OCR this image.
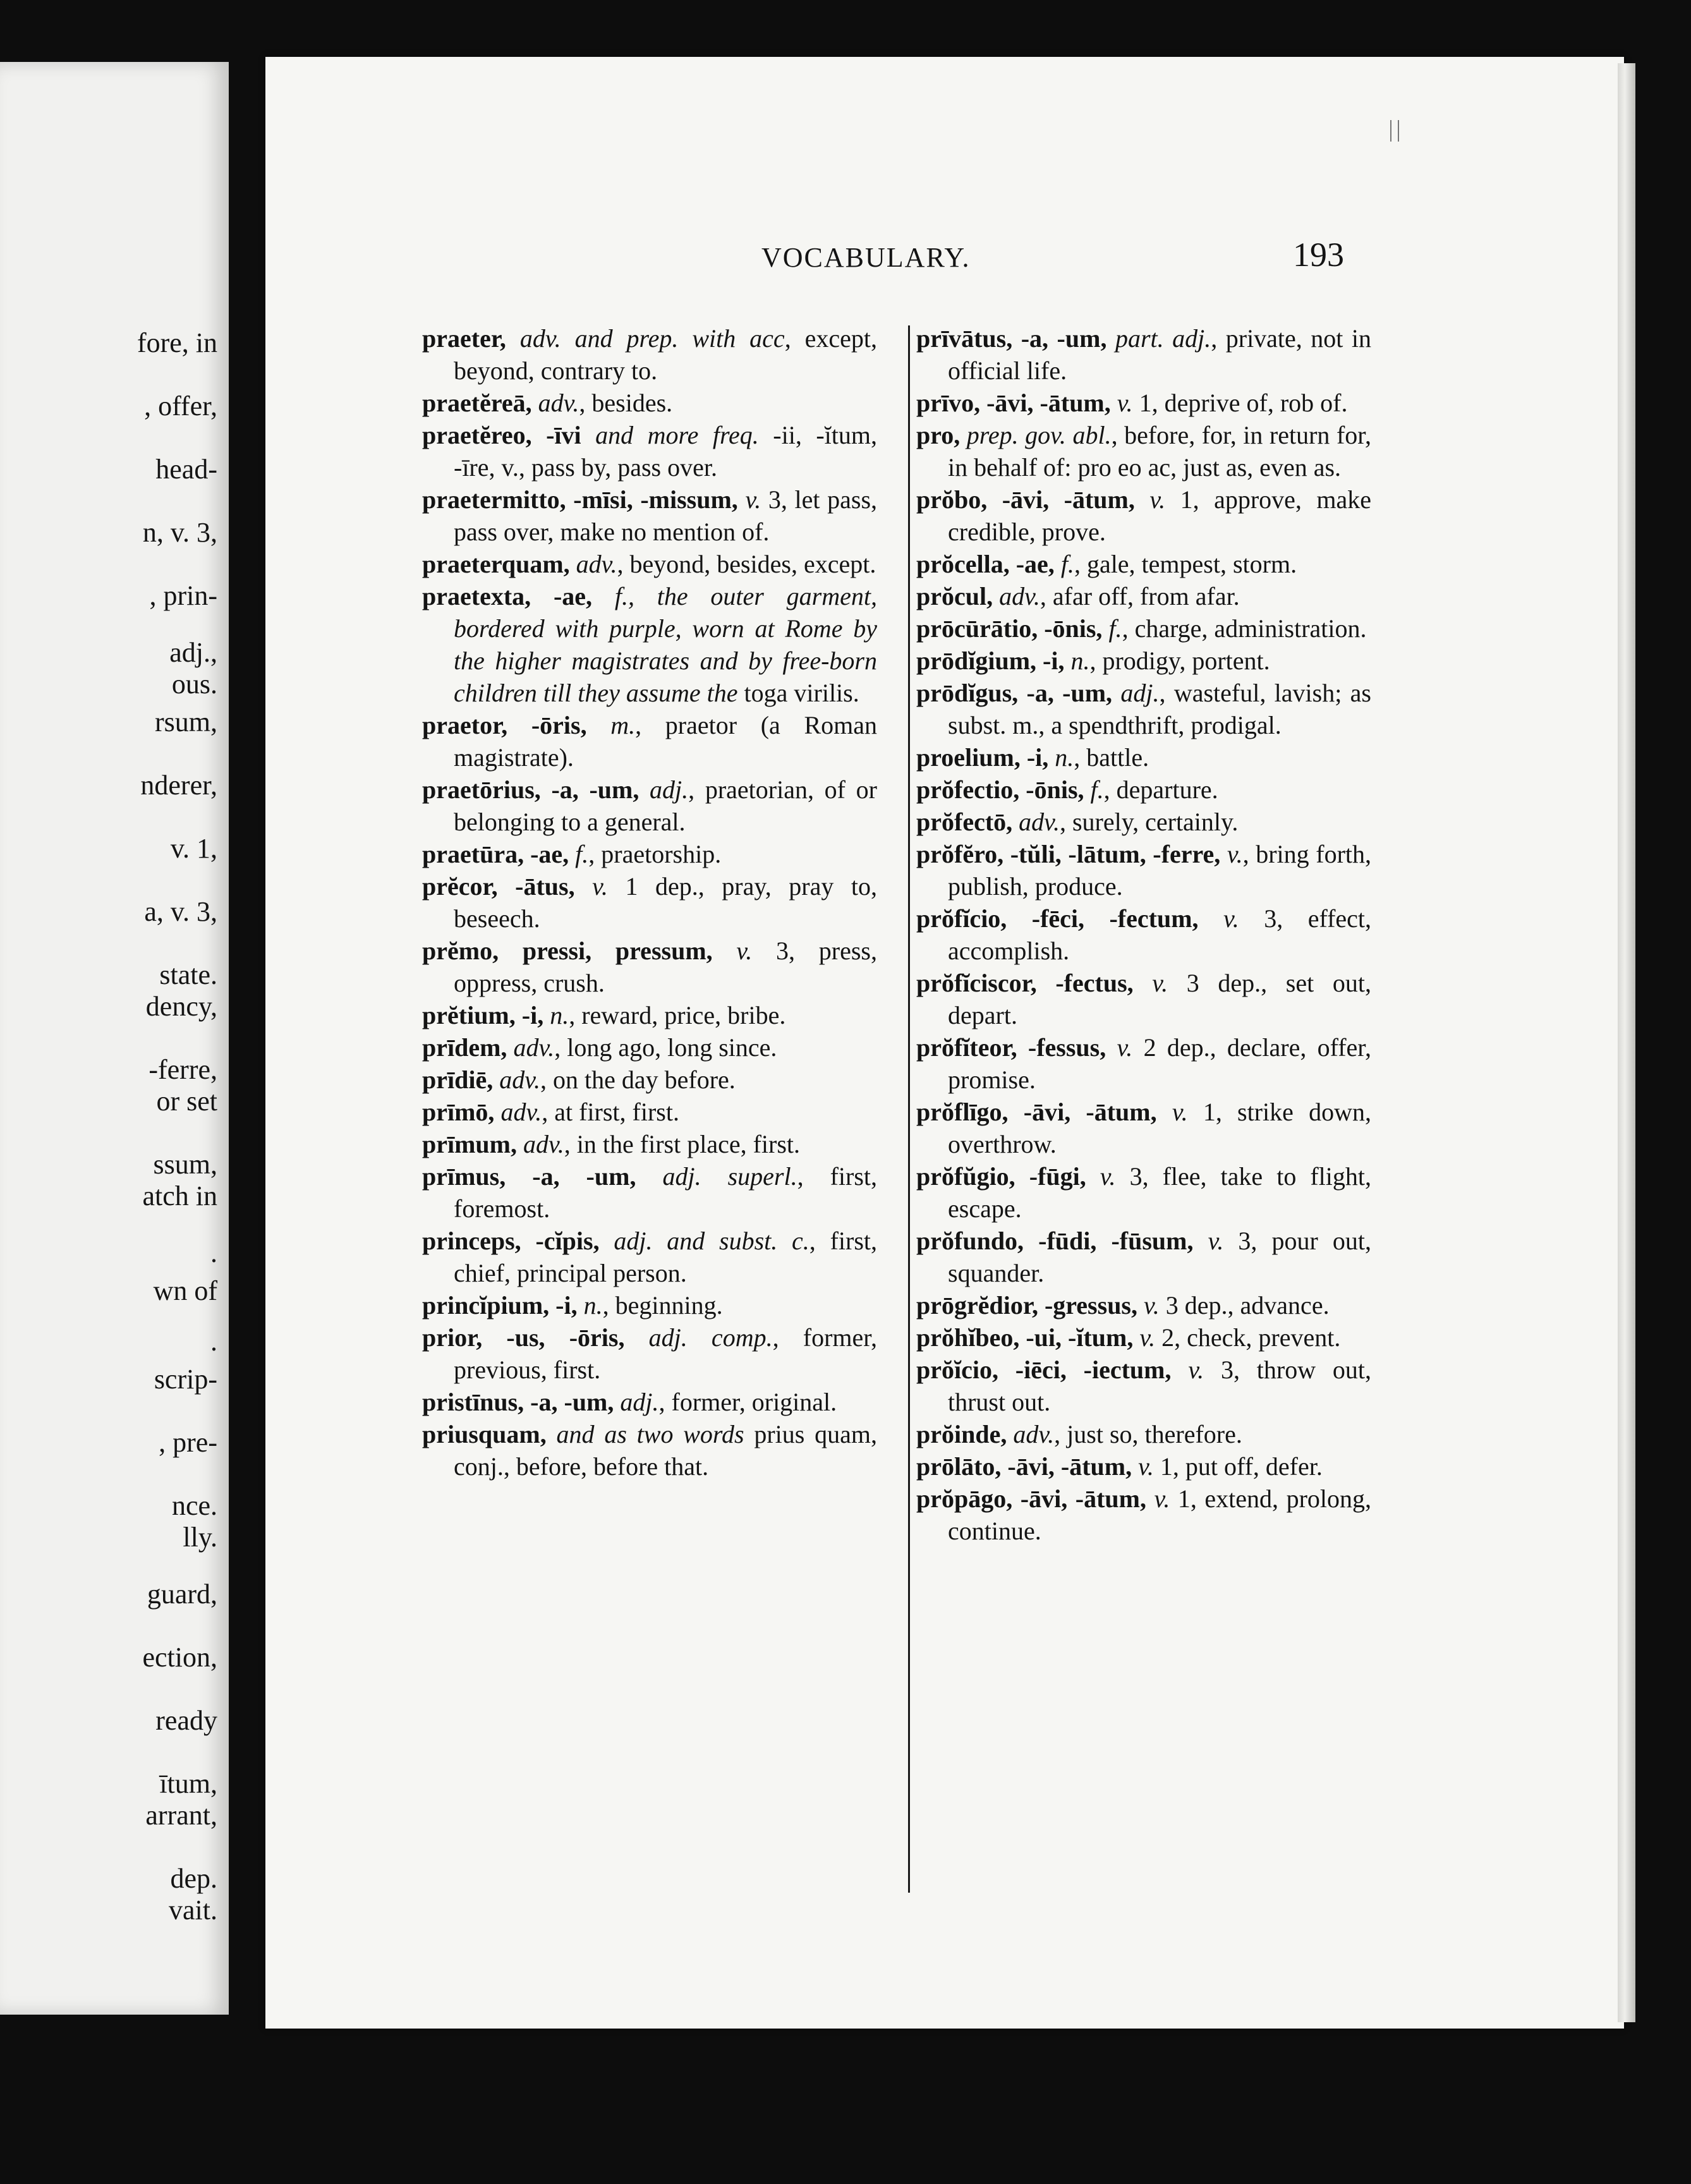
fore, in

, offer,

head-

n, v. 3,

, prin-

adj.,

ous.

rsum,

nderer,

v. 1,

a, v. 3,

state.

dency,

-ferre,

or set

ssum,

atch in

.

wn of

.

scrip-

, pre-

nce.

lly.

guard,

ection,

ready

ītum,

arrant,

dep.

vait.

VOCABULARY.	193

praeter, adv. and prep. with acc, except, beyond, contrary to.

praetĕreā, adv., besides.

praetĕreo, -īvi and more freq. -ii, -ĭtum, -īre, v., pass by, pass over.

praetermitto, -mīsi, -missum, v. 3, let pass, pass over, make no mention of.

praeterquam, adv., beyond, besides, except.

praetexta, -ae, f., the outer garment, bordered with purple, worn at Rome by the higher magistrates and by free-born children till they assume the toga virilis.

praetor, -ōris, m., praetor (a Roman magistrate).

praetōrius, -a, -um, adj., praetorian, of or belonging to a general.

praetūra, -ae, f., praetorship.

prĕcor, -ātus, v. 1 dep., pray, pray to, beseech.

prĕmo, pressi, pressum, v. 3, press, oppress, crush.

prĕtium, -i, n., reward, price, bribe.

prīdem, adv., long ago, long since.

prīdiē, adv., on the day before.

prīmō, adv., at first, first.

prīmum, adv., in the first place, first.

prīmus, -a, -um, adj. superl., first, foremost.

princeps, -cĭpis, adj. and subst. c., first, chief, principal person.

princĭpium, -i, n., beginning.

prior, -us, -ōris, adj. comp., former, previous, first.

pristīnus, -a, -um, adj., former, original.

priusquam, and as two words prius quam, conj., before, before that.

prīvātus, -a, -um, part. adj., private, not in official life.

prīvo, -āvi, -ātum, v. 1, deprive of, rob of.

pro, prep. gov. abl., before, for, in return for, in behalf of: pro eo ac, just as, even as.

prŏbo, -āvi, -ātum, v. 1, approve, make credible, prove.

prŏcella, -ae, f., gale, tempest, storm.

prŏcul, adv., afar off, from afar.

prōcūrātio, -ōnis, f., charge, administration.

prōdĭgium, -i, n., prodigy, portent.

prōdĭgus, -a, -um, adj., wasteful, lavish; as subst. m., a spendthrift, prodigal.

proelium, -i, n., battle.

prŏfectio, -ōnis, f., departure.

prŏfectō, adv., surely, certainly.

prŏfĕro, -tŭli, -lātum, -ferre, v., bring forth, publish, produce.

prŏfĭcio, -fēci, -fectum, v. 3, effect, accomplish.

prŏfĭciscor, -fectus, v. 3 dep., set out, depart.

prŏfĭteor, -fessus, v. 2 dep., declare, offer, promise.

prŏflīgo, -āvi, -ātum, v. 1, strike down, overthrow.

prŏfŭgio, -fūgi, v. 3, flee, take to flight, escape.

prŏfundo, -fūdi, -fūsum, v. 3, pour out, squander.

prōgrĕdior, -gressus, v. 3 dep., advance.

prŏhĭbeo, -ui, -ĭtum, v. 2, check, prevent.

prŏĭcio, -iēci, -iectum, v. 3, throw out, thrust out.

prŏinde, adv., just so, therefore.

prōlāto, -āvi, -ātum, v. 1, put off, defer.

prŏpāgo, -āvi, -ātum, v. 1, extend, prolong, continue.
